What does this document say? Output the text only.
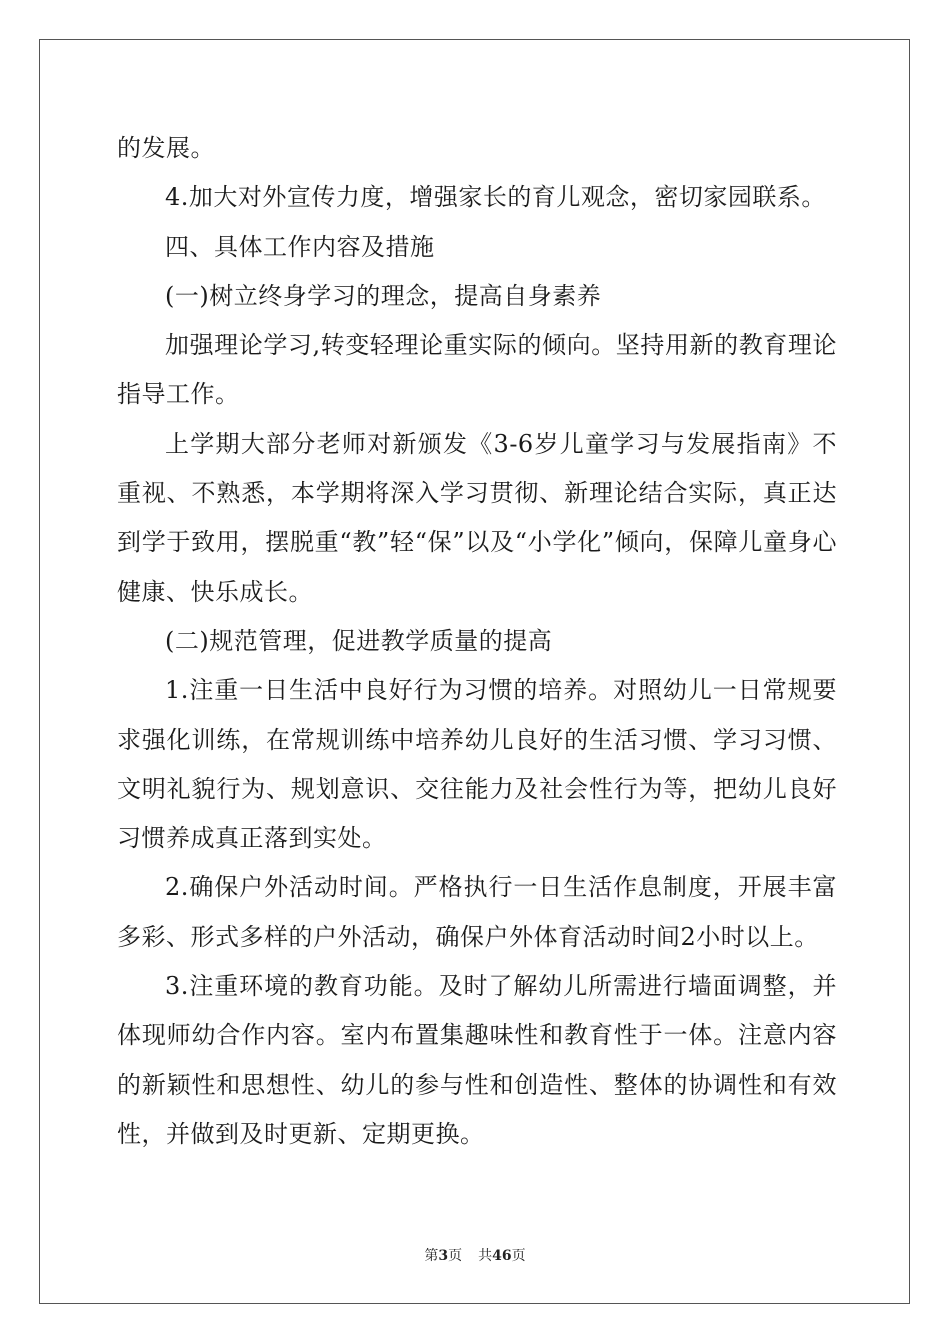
的发展。

4.加大对外宣传力度，增强家长的育儿观念，密切家园联系。

四、具体工作内容及措施

(一)树立终身学习的理念，提高自身素养

加强理论学习,转变轻理论重实际的倾向。坚持用新的教育理论指导工作。

上学期大部分老师对新颁发《3-6岁儿童学习与发展指南》不重视、不熟悉，本学期将深入学习贯彻、新理论结合实际，真正达到学于致用，摆脱重“教”轻“保”以及“小学化”倾向，保障儿童身心健康、快乐成长。

(二)规范管理，促进教学质量的提高

1.注重一日生活中良好行为习惯的培养。对照幼儿一日常规要求强化训练，在常规训练中培养幼儿良好的生活习惯、学习习惯、文明礼貌行为、规划意识、交往能力及社会性行为等，把幼儿良好习惯养成真正落到实处。

2.确保户外活动时间。严格执行一日生活作息制度，开展丰富多彩、形式多样的户外活动，确保户外体育活动时间2小时以上。

3.注重环境的教育功能。及时了解幼儿所需进行墙面调整，并体现师幼合作内容。室内布置集趣味性和教育性于一体。注意内容的新颖性和思想性、幼儿的参与性和创造性、整体的协调性和有效性，并做到及时更新、定期更换。

第3页 共46页
